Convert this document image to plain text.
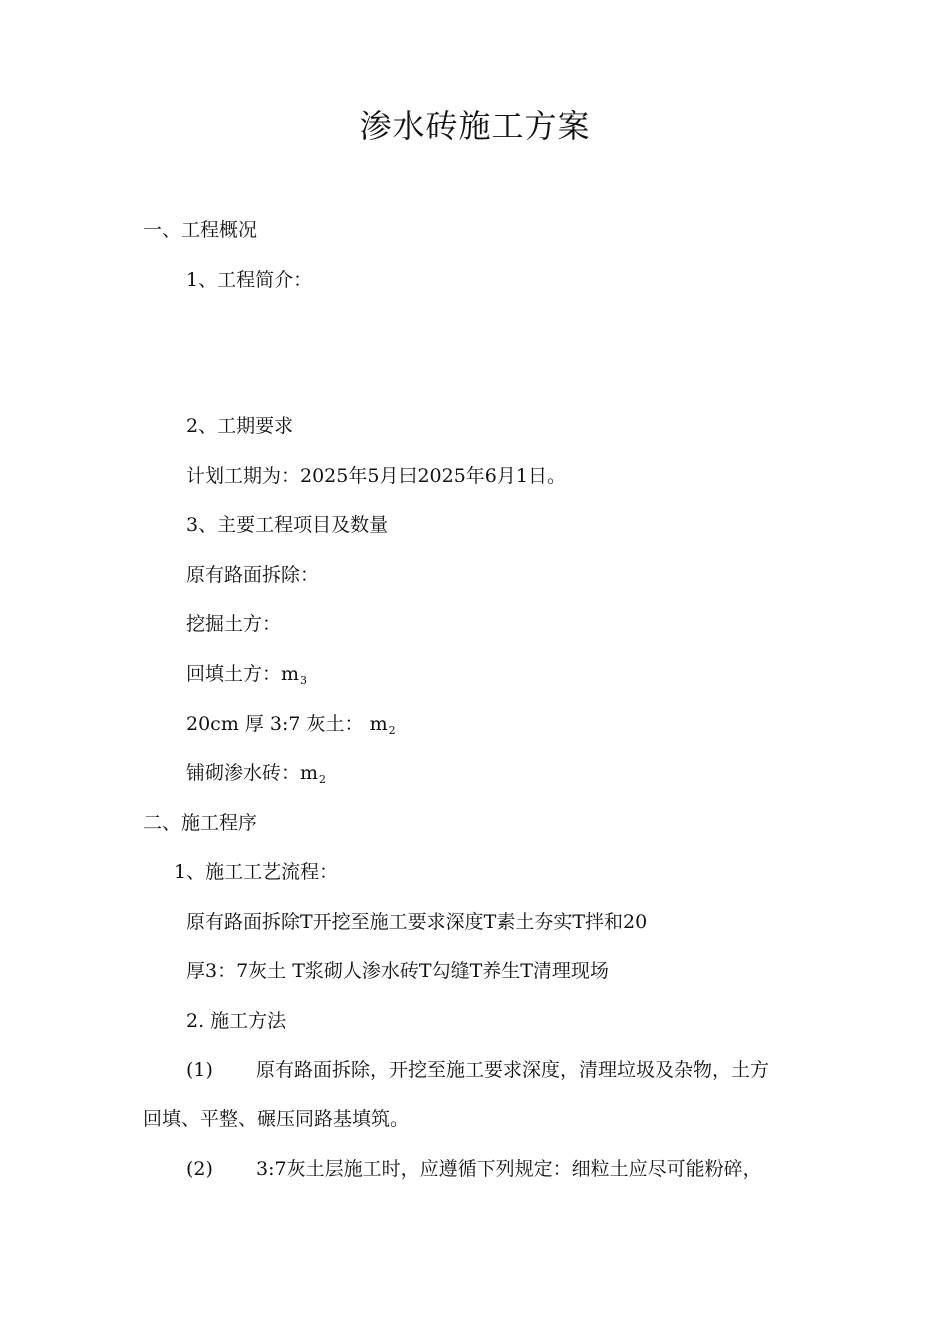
渗水砖施工方案
一、工程概况
1、工程简介：
2、工期要求
计划工期为：2025年5月曰2025年6月1日。
3、主要工程项目及数量
原有路面拆除：
挖掘土方：
回填土方：$m_3$
20cm 厚 3:7 灰土： $m_2$
铺砌渗水砖：$m_2$
二、施工程序
1、施工工艺流程：
原有路面拆除T开挖至施工要求深度T素土夯实T拌和20
厚3：7灰土 T浆砌人渗水砖T勾缝T养生T清理现场
2. 施工方法
(1) 原有路面拆除，开挖至施工要求深度，清理垃圾及杂物，土方
回填、平整、碾压同路基填筑。
(2) 3:7灰土层施工时，应遵循下列规定：细粒土应尽可能粉碎，
